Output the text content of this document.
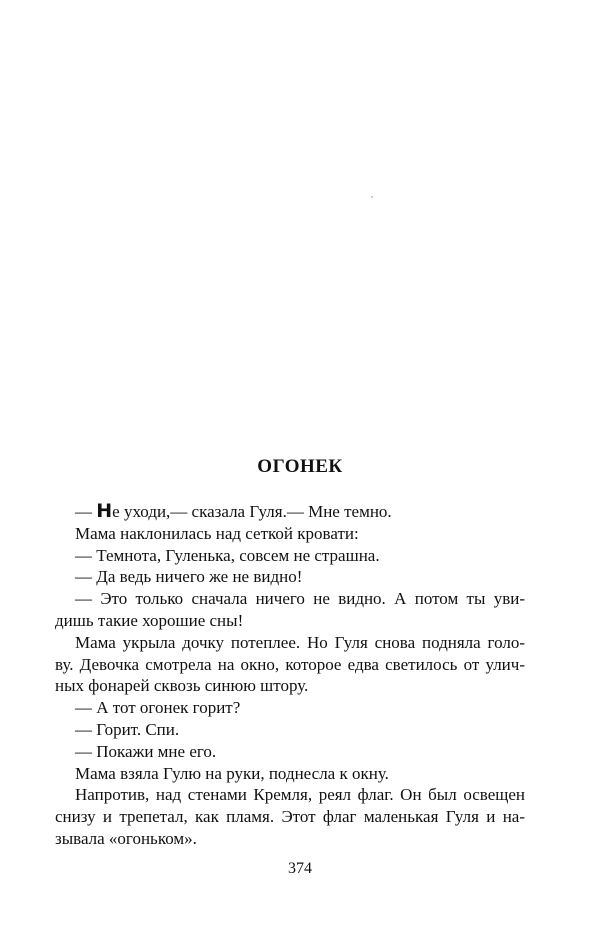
ОГОНЕК
— Не уходи,— сказала Гуля.— Мне темно.
Мама наклонилась над сеткой кровати:
— Темнота, Гуленька, совсем не страшна.
— Да ведь ничего же не видно!
— Это только сначала ничего не видно. А потом ты уви-
дишь такие хорошие сны!
Мама укрыла дочку потеплее. Но Гуля снова подняла голо-
ву. Девочка смотрела на окно, которое едва светилось от улич-
ных фонарей сквозь синюю штору.
— А тот огонек горит?
— Горит. Спи.
— Покажи мне его.
Мама взяла Гулю на руки, поднесла к окну.
Напротив, над стенами Кремля, реял флаг. Он был освещен
снизу и трепетал, как пламя. Этот флаг маленькая Гуля и на-
зывала «огоньком».
374
